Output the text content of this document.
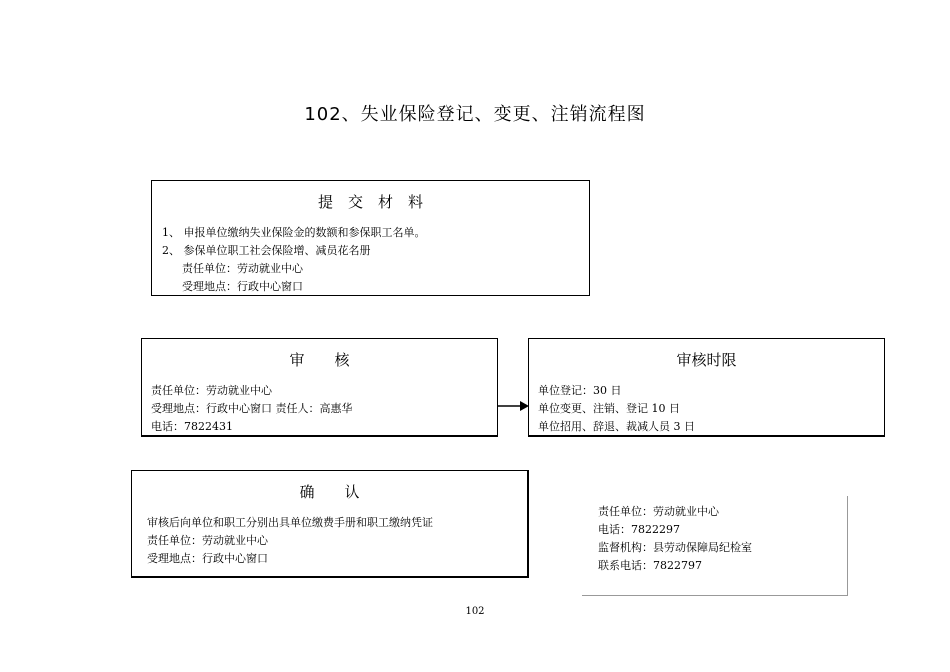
102、失业保险登记、变更、注销流程图
提　交　材　料
1、 申报单位缴纳失业保险金的数额和参保职工名单。
2、 参保单位职工社会保险增、减员花名册
责任单位：劳动就业中心
受理地点：行政中心窗口
审　　核
责任单位：劳动就业中心
受理地点：行政中心窗口 责任人：高惠华
电话：7822431
审核时限
单位登记：30 日
单位变更、注销、登记 10 日
单位招用、辞退、裁减人员 3 日
确　　认
审核后向单位和职工分别出具单位缴费手册和职工缴纳凭证
责任单位：劳动就业中心
受理地点：行政中心窗口
责任单位：劳动就业中心
电话：7822297
监督机构：县劳动保障局纪检室
联系电话：7822797
102
